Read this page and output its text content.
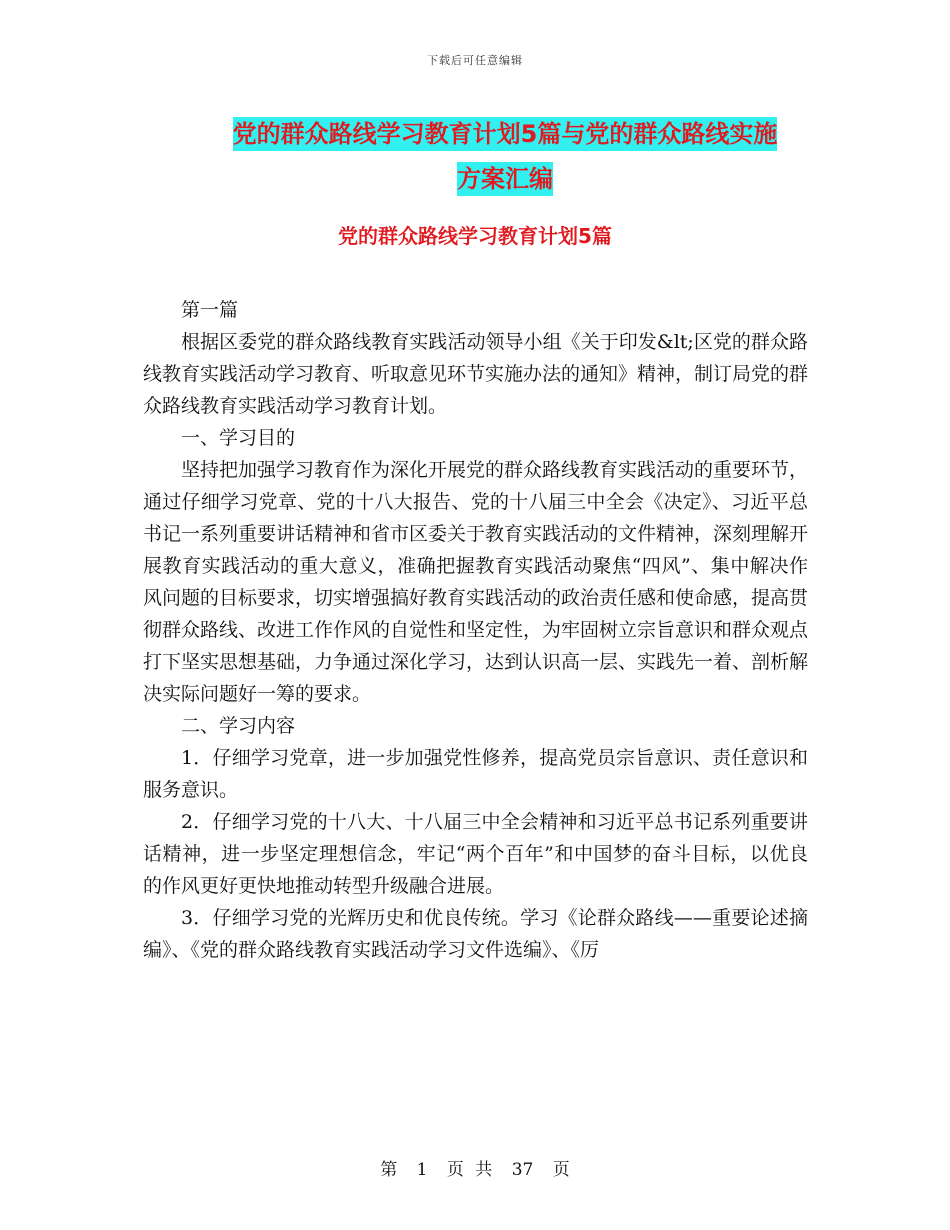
下载后可任意编辑
党的群众路线学习教育计划5篇与党的群众路线实施
方案汇编
党的群众路线学习教育计划5篇

第一篇

根据区委党的群众路线教育实践活动领导小组《关于印发&lt;区党的群众路线教育实践活动学习教育、听取意见环节实施办法的通知》精神，制订局党的群众路线教育实践活动学习教育计划。

一、学习目的

坚持把加强学习教育作为深化开展党的群众路线教育实践活动的重要环节，通过仔细学习党章、党的十八大报告、党的十八届三中全会《决定》、习近平总书记一系列重要讲话精神和省市区委关于教育实践活动的文件精神，深刻理解开展教育实践活动的重大意义，准确把握教育实践活动聚焦“四风”、集中解决作风问题的目标要求，切实增强搞好教育实践活动的政治责任感和使命感，提高贯彻群众路线、改进工作作风的自觉性和坚定性，为牢固树立宗旨意识和群众观点打下坚实思想基础，力争通过深化学习，达到认识高一层、实践先一着、剖析解决实际问题好一筹的要求。

二、学习内容

1．仔细学习党章，进一步加强党性修养，提高党员宗旨意识、责任意识和服务意识。

2．仔细学习党的十八大、十八届三中全会精神和习近平总书记系列重要讲话精神，进一步坚定理想信念，牢记“两个百年”和中国梦的奋斗目标，以优良的作风更好更快地推动转型升级融合进展。

3．仔细学习党的光辉历史和优良传统。学习《论群众路线——重要论述摘编》、《党的群众路线教育实践活动学习文件选编》、《厉

第 1 页 共 37 页
